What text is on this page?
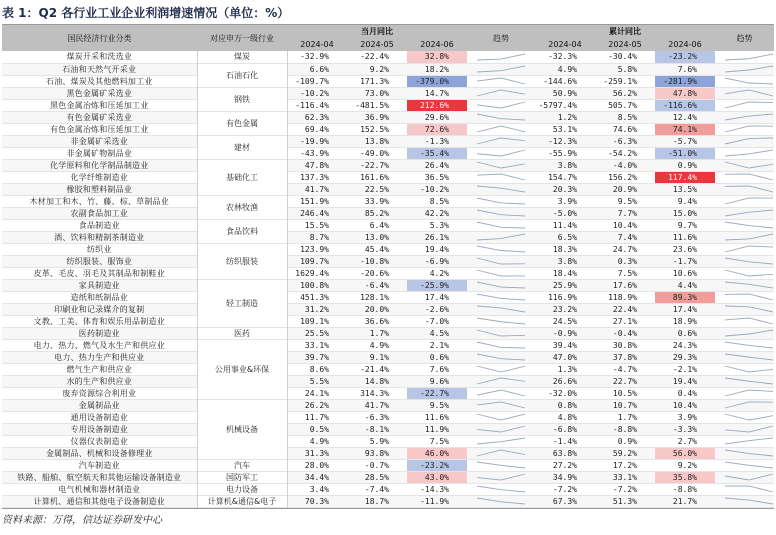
表 1：Q2 各行业工业企业利润增速情况（单位：%）
国民经济行业分类	对应申万一级行业	当月同比			趋势	累计同比			趋势
		2024-04	2024-05	2024-06		2024-04	2024-05	2024-06	
煤炭开采和洗选业	煤炭	-32.9%	-22.4%	32.8%		-32.3%	-30.4%	-23.2%	

石油和天然气开采业	石油石化	6.6%	9.2%	18.2%		4.9%	5.8%	7.6%	

石油、煤炭及其他燃料加工业		-109.7%	171.3%	-379.0%		-144.6%	-259.1%	-281.9%	

黑色金属矿采选业	钢铁	-10.2%	73.0%	14.7%		50.9%	56.2%	47.8%	

黑色金属冶炼和压延加工业		-116.4%	-481.5%	212.6%		-5797.4%	505.7%	-116.6%	

有色金属矿采选业	有色金属	62.3%	36.9%	29.6%		1.2%	8.5%	12.4%	

有色金属冶炼和压延加工业		69.4%	152.5%	72.6%		53.1%	74.6%	74.1%	

非金属矿采选业	建材	-19.9%	13.8%	-1.3%		-12.3%	-6.3%	-5.7%	

非金属矿物制品业		-43.9%	-49.0%	-35.4%		-55.9%	-54.2%	-51.0%	

化学原料和化学制品制造业	基础化工	47.8%	-22.7%	26.4%		3.8%	-4.0%	0.9%	

化学纤维制造业		137.3%	161.6%	36.5%		154.7%	156.2%	117.4%	

橡胶和塑料制品业		41.7%	22.5%	-10.2%		20.3%	20.9%	13.5%	

木材加工和木、竹、藤、棕、草制品业	农林牧渔	151.9%	33.9%	8.5%		3.9%	9.5%	9.4%	

农副食品加工业		246.4%	85.2%	42.2%		-5.0%	7.7%	15.0%	

食品制造业	食品饮料	15.5%	6.4%	5.3%		11.4%	10.4%	9.7%	

酒、饮料和精制茶制造业		8.7%	13.0%	26.1%		6.5%	7.4%	11.6%	

纺织业	纺织服装	123.9%	45.4%	19.4%		18.3%	24.7%	23.6%	

纺织服装、服饰业		109.7%	-10.8%	-6.9%		3.8%	0.3%	-1.7%	

皮革、毛皮、羽毛及其制品和制鞋业		1629.4%	-20.6%	4.2%		18.4%	7.5%	10.6%	

家具制造业	轻工制造	100.8%	-6.4%	-25.9%		25.9%	17.6%	4.4%	

造纸和纸制品业		451.3%	128.1%	17.4%		116.9%	118.9%	89.3%	

印刷业和记录媒介的复制		31.2%	20.0%	-2.6%		23.2%	22.4%	17.4%	

文教、工美、体育和娱乐用品制造业		109.1%	36.6%	-7.0%		24.5%	27.1%	18.9%	

医药制造业	医药	25.5%	1.7%	4.5%		-0.9%	-0.4%	0.6%	

电力、热力、燃气及水生产和供应业	公用事业&环保	33.1%	4.9%	2.1%		39.4%	30.8%	24.3%	

电力、热力生产和供应业		39.7%	9.1%	0.6%		47.0%	37.8%	29.3%	

燃气生产和供应业		8.6%	-21.4%	7.6%		1.3%	-4.7%	-2.1%	

水的生产和供应业		5.5%	14.8%	9.6%		26.6%	22.7%	19.4%	

废弃资源综合利用业		24.1%	314.3%	-22.7%		-32.0%	10.5%	0.4%	

金属制品业	机械设备	26.2%	41.7%	9.5%		0.8%	10.7%	10.4%	

通用设备制造业		11.7%	-6.3%	11.6%		4.8%	1.7%	3.9%	

专用设备制造业		0.5%	-8.1%	11.9%		-6.8%	-8.8%	-3.3%	

仪器仪表制造业		4.9%	5.9%	7.5%		-1.4%	0.9%	2.7%	

金属制品、机械和设备修理业		31.3%	93.8%	46.0%		63.8%	59.2%	56.0%	

汽车制造业	汽车	28.0%	-0.7%	-23.2%		27.2%	17.2%	9.2%	

铁路、船舶、航空航天和其他运输设备制造业	国防军工	34.4%	28.5%	43.0%		34.9%	33.1%	35.8%	

电气机械和器材制造业	电力设备	3.4%	-7.4%	-14.3%		-7.2%	-7.2%	-8.8%	

计算机、通信和其他电子设备制造业	计算机&通信&电子	70.3%	18.7%	-11.9%		67.3%	51.3%	21.7%	
资料来源：万得，信达证券研发中心
